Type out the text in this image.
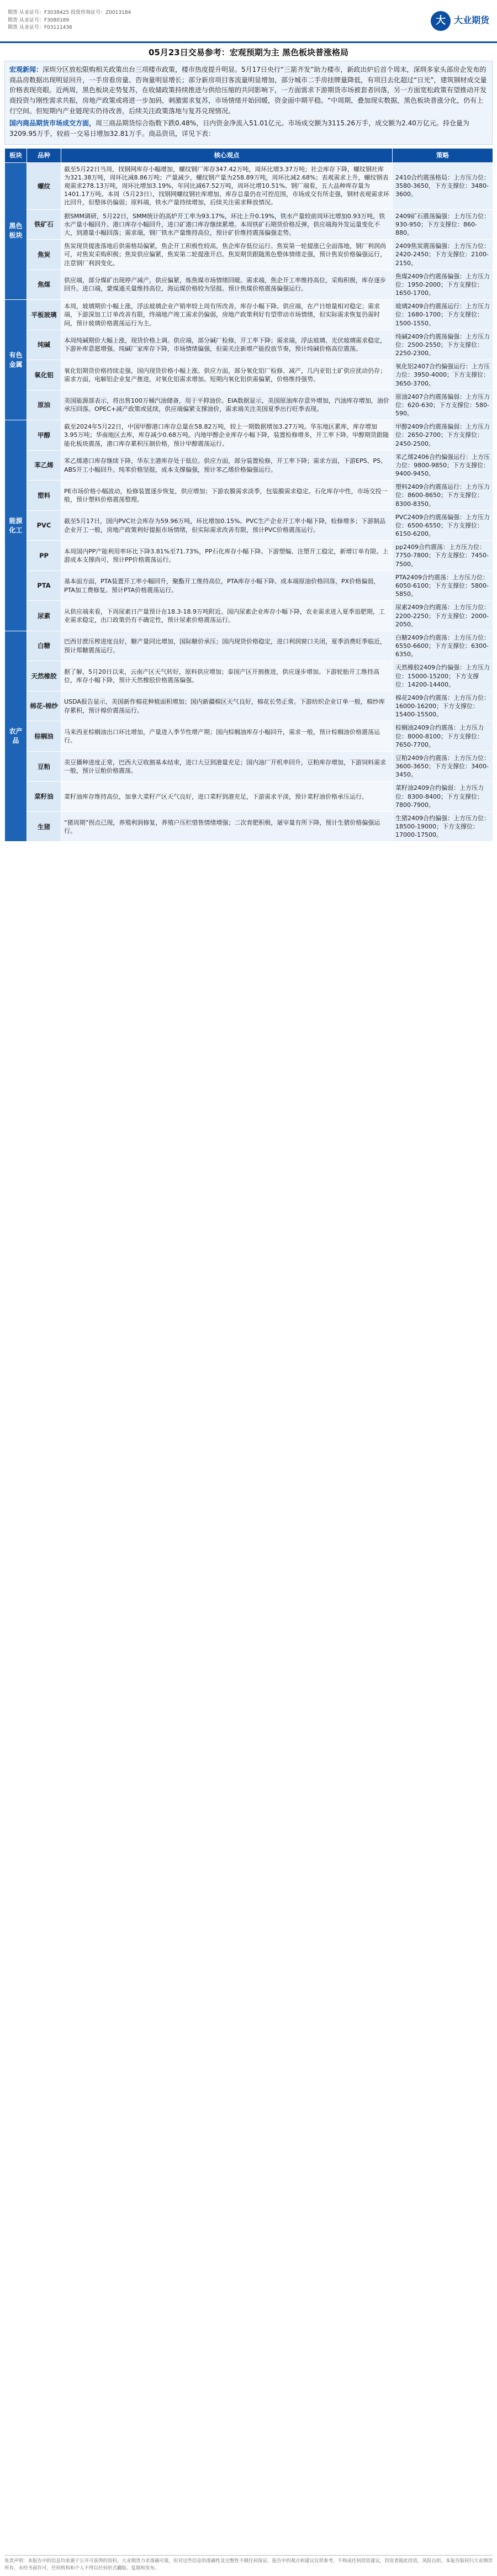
期货 从业证号：F3038425 投资咨询证号：Z0013184
期货 从业证号：F3080189
期货 从业证号：F03111436
大 大业期货
05月23日交易参考：宏观预期为主 黑色板块普涨格局

宏观新闻：深圳分区放松限购相关政策出台三项楼市政策，楼市热度提升明显。5月17日央行“三箭齐发”助力楼市，新政出炉后首个周末，深圳多家头部房企发布的商品房数据出现明显回升，一手房看房量、咨询量明显增长；部分新房项目客流量明显增加，部分城市二手房挂牌量降低，有项目去化超过“日光”，建筑钢材成交量价格表现亮眼。近两周，黑色板块走势复苏，在收储政策持续推进与供给压缩的共同影响下，一方面需求下游期货市场被套者回落，另一方面宽松政策有望推动开发商投资与刚性需求共振，房地产政策或将进一步加码，刺激需求复苏，市场情绪开始回暖，资金面中期平稳。“中周期，叠加现实数据，黑色板块普涨分化，仍有上行空间。但短期内产业链现实仍待改善，后续关注政策落地与复苏兑现情况。

国内商品期货市场成交方面，周三商品期货综合指数下跌0.48%，日内资金净流入51.01亿元。市场成交额为3115.26万手，成交额为2.40万亿元。持仓量为3209.95万手，较前一交易日增加32.81万手。商品资讯，详见下表：

板块	品种	核心观点	策略
黑色板块	螺纹	截至5月22日当周，找钢网库存小幅增加，螺纹钢厂库存347.42万吨，周环比增3.37万吨；社会库存下降，螺纹钢社库为321.38万吨，周环比减8.86万吨；产量减少，螺纹钢产量为258.89万吨，周环比减2.68%；表观需求上升，螺纹钢表观需求278.13万吨，周环比增加3.19%，年同比减67.52万吨，周环比增10.51%。钢厂端看，五大品种库存量为1401.17万吨。本周（5月23日），找钢网螺纹钢社库增加，库存总量仍在可控范围，市场成交有所走强，钢材表观需求环比回升，但整体仍偏弱；原料端，铁水产量持续增加，后续关注需求释放情况。	2410合约震荡格局：上方压力位：3580-3650，下方支撑位：3480-3600。
	铁矿石	据SMM调研，5月22日，SMM统计的高炉开工率为93.17%，环比上升0.19%，铁水产量较前周环比增加0.93万吨，铁水产量小幅回升。港口库存小幅回升，进口矿港口库存继续累增。本周铁矿石期货价格反弹，供应端海外发运量变化不大，到港量小幅回落；需求端，钢厂铁水产量维持高位，预计矿价维持震荡偏强走势。	2409矿石震荡偏强：上方压力位：930-950；下方支撑位：860-880。
	焦炭	焦炭现货提涨落地后供需格局偏紧，焦企开工积极性较高，焦企库存低位运行。焦炭第一轮提涨已全面落地，钢厂利润尚可，对焦炭采购积极；焦炭供应偏紧，焦炭第二轮提涨开启。焦炭期货跟随黑色整体情绪走强，预计焦炭价格偏强运行，注意钢厂利润变化。	2409焦炭震荡偏强：上方压力位：2420-2450；下方支撑位：2100-2150。
	焦煤	供应端，部分煤矿出现停产减产，供应偏紧，炼焦煤市场情绪回暖。需求端，焦企开工率维持高位，采购积极，库存逐步回升。进口端，蒙煤通关量维持高位，海运煤价格较为坚挺。预计焦煤价格震荡偏强运行。	焦煤2409合约震荡偏强：上方压力位：1950-2000；下方支撑位：1650-1700。
有色金属	平板玻璃	本周，玻璃期价小幅上涨，浮法玻璃企业产销率较上周有所改善，库存小幅下降。供应端，在产日熔量相对稳定；需求端，下游深加工订单改善有限，终端地产竣工需求仍偏弱，房地产政策利好有望带动市场情绪，但实际需求恢复仍需时间，预计玻璃价格震荡运行为主。	玻璃2409合约震荡运行：上方压力位：1680-1700；下方支撑位：1500-1550。
	纯碱	本周纯碱期价大幅上涨，现货价格上调。供应端，部分碱厂检修，开工率下降；需求端，浮法玻璃、光伏玻璃需求稳定，下游补库意愿增强。纯碱厂家库存下降，市场情绪偏强，但需关注新增产能投放节奏，预计纯碱价格高位震荡。	纯碱2409合约震荡偏强：上方压力位：2500-2550；下方支撑位：2250-2300。
	氧化铝	氧化铝期货价格持续走强，国内现货价格小幅上涨。供应方面，部分氧化铝厂检修、减产，几内亚铝土矿供应扰动仍存；需求方面，电解铝企业复产推进，对氧化铝需求增加。短期内氧化铝供需偏紧，价格维持强势。	氧化铝2407合约偏强运行：上方压力位：3950-4000；下方支撑位：3650-3700。
	原油	美国能源部表示，将出售100万桶汽油储备，用于平抑油价。EIA数据显示，美国原油库存意外增加，汽油库存增加，油价承压回落。OPEC+减产政策或延续，供应端偏紧支撑油价，需求端关注美国夏季出行旺季表现。	原油2407合约震荡偏弱：上方压力位：620-630；下方支撑位：580-590。
能源化工	甲醇	截至2024年5月22日，中国甲醇港口库存总量在58.82万吨，较上一期数据增加3.27万吨。华东地区累库，库存增加3.95万吨；华南地区去库，库存减少0.68万吨。内地甲醇企业库存小幅下降，装置检修增多，开工率下降。甲醇期货跟随能化板块震荡，港口库存累积压制价格，预计甲醇震荡运行。	甲醇2409合约震荡偏弱：上方压力位：2650-2700；下方支撑位：2450-2500。
	苯乙烯	苯乙烯港口库存继续下降，华东主港库存处于低位。供应方面，部分装置检修，开工率下降；需求方面，下游EPS、PS、ABS开工小幅回升。纯苯价格坚挺，成本支撑偏强，预计苯乙烯价格偏强运行。	苯乙烯2406合约偏强运行：上方压力位：9800-9850；下方支撑位：9400-9450。
	塑料	PE市场价格小幅波动，检修装置逐步恢复，供应增加；下游农膜需求淡季，包装膜需求稳定。石化库存中性，市场交投一般，预计塑料价格震荡整理。	塑料2409合约震荡运行：上方压力位：8600-8650；下方支撑位：8300-8350。
	PVC	截至5月17日，国内PVC社会库存为59.96万吨，环比增加0.15%。PVC生产企业开工率小幅下降，检修增多；下游制品企业开工一般，房地产政策利好提振市场情绪，但实际需求改善有限，预计PVC价格震荡运行。	PVC2409合约震荡偏强：上方压力位：6500-6550；下方支撑位：6150-6200。
	PP	本周国内PP产能利用率环比下降3.81%至71.73%，PP石化库存小幅下降。下游塑编、注塑开工稳定，新增订单有限。上游成本支撑尚可，预计PP价格震荡运行。	pp2409合约震荡：上方压力位：7750-7800；下方支撑位：7450-7500。
	PTA	基本面方面，PTA装置开工率小幅回升，聚酯开工维持高位，PTA库存小幅下降。成本端原油价格回落，PX价格偏弱，PTA加工费修复。预计PTA价格震荡运行。	PTA2409合约震荡：上方压力位：6050-6100；下方支撑位：5800-5850。
	尿素	从供应端来看，下周尿素日产量预计在18.3-18.9万吨附近。国内尿素企业库存小幅下降，农业需求进入夏季追肥期，工业需求稳定，出口政策仍有不确定性，预计尿素价格震荡运行。	尿素2409合约震荡：上方压力位：2200-2250；下方支撑位：2000-2050。
农产品	白糖	巴西甘蔗压榨进度良好，糖产量同比增加，国际糖价承压；国内现货价格稳定，进口利润窗口关闭，夏季消费旺季临近，预计郑糖震荡运行。	白糖2409合约震荡：上方压力位：6550-6600；下方支撑位：6300-6350。
	天然橡胶	据了解，5月20日以来，云南产区天气转好，原料供应增加；泰国产区开割推进，供应逐步增加。下游轮胎开工维持高位，库存小幅下降，预计天然橡胶价格震荡偏强。	天然橡胶2409合约偏强：上方压力位：15000-15200；下方支撑位：14200-14400。
	棉花-棉纱	USDA报告显示，美国新作棉花种植面积增加；国内新疆棉区天气良好，棉花长势正常。下游纺织企业订单一般，棉纱库存累积，预计棉价震荡运行。	棉花2409合约震荡：上方压力位：16000-16200；下方支撑位：15400-15500。
	棕榈油	马来西亚棕榈油出口环比增加，产量进入季节性增产期；国内棕榈油库存小幅回升，需求一般，预计棕榈油价格震荡运行。	棕榈油2409合约震荡：上方压力位：8000-8100；下方支撑位：7650-7700。
	豆粕	美豆播种进度正常，巴西大豆收割基本结束，进口大豆到港量充足；国内油厂开机率回升，豆粕库存增加，下游饲料需求一般，预计豆粕价格震荡。	豆粕2409合约震荡：上方压力位：3600-3650；下方支撑位：3400-3450。
	菜籽油	菜籽油库存维持高位，加拿大菜籽产区天气良好，进口菜籽到港充足，下游需求平淡，预计菜籽油价格承压运行。	菜籽油2409合约偏弱：上方压力位：8300-8400；下方支撑位：7800-7900。
	生猪	“猪周期”拐点已现，养殖利润修复，养殖户压栏惜售情绪增强；二次育肥积极，屠宰量有所下降，预计生猪价格偏强运行。	生猪2409合约偏强：上方压力位：18500-19000；下方支撑位：17000-17500。
免责声明：本报告中的信息均来源于公开可获得的资料，大业期货力求准确可靠，但对这些信息的准确性及完整性不做任何保证。报告中的观点和建议仅供参考，不构成任何投资建议，投资者据此投资，风险自担。本报告版权归大业期货所有，未经书面许可，任何机构和个人不得以任何形式翻版、复制和发布。
